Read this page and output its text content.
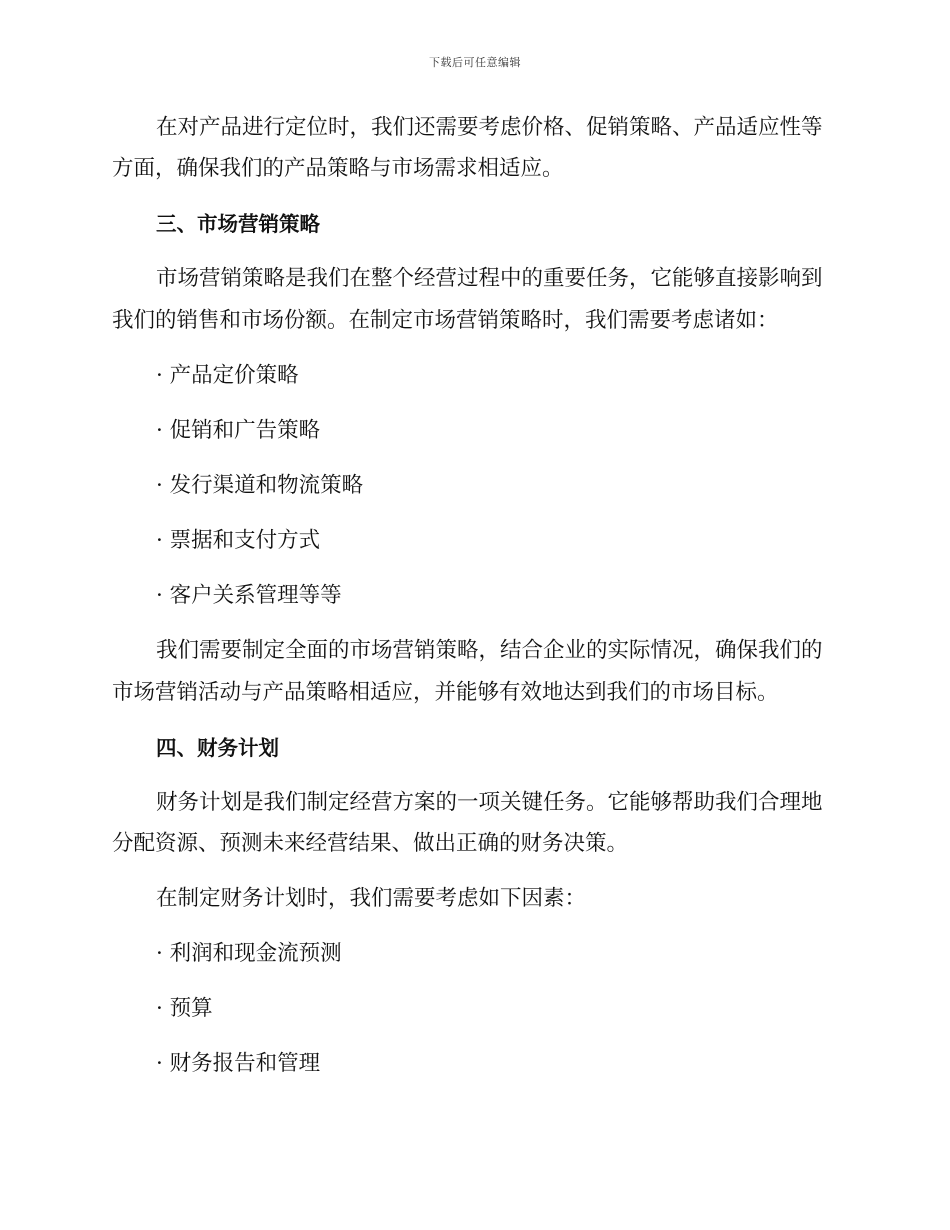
下载后可任意编辑
在对产品进行定位时，我们还需要考虑价格、促销策略、产品适应性等
方面，确保我们的产品策略与市场需求相适应。
三、市场营销策略
市场营销策略是我们在整个经营过程中的重要任务，它能够直接影响到
我们的销售和市场份额。在制定市场营销策略时，我们需要考虑诸如：
· 产品定价策略
· 促销和广告策略
· 发行渠道和物流策略
· 票据和支付方式
· 客户关系管理等等
我们需要制定全面的市场营销策略，结合企业的实际情况，确保我们的
市场营销活动与产品策略相适应，并能够有效地达到我们的市场目标。
四、财务计划
财务计划是我们制定经营方案的一项关键任务。它能够帮助我们合理地
分配资源、预测未来经营结果、做出正确的财务决策。
在制定财务计划时，我们需要考虑如下因素：
· 利润和现金流预测
· 预算
· 财务报告和管理
